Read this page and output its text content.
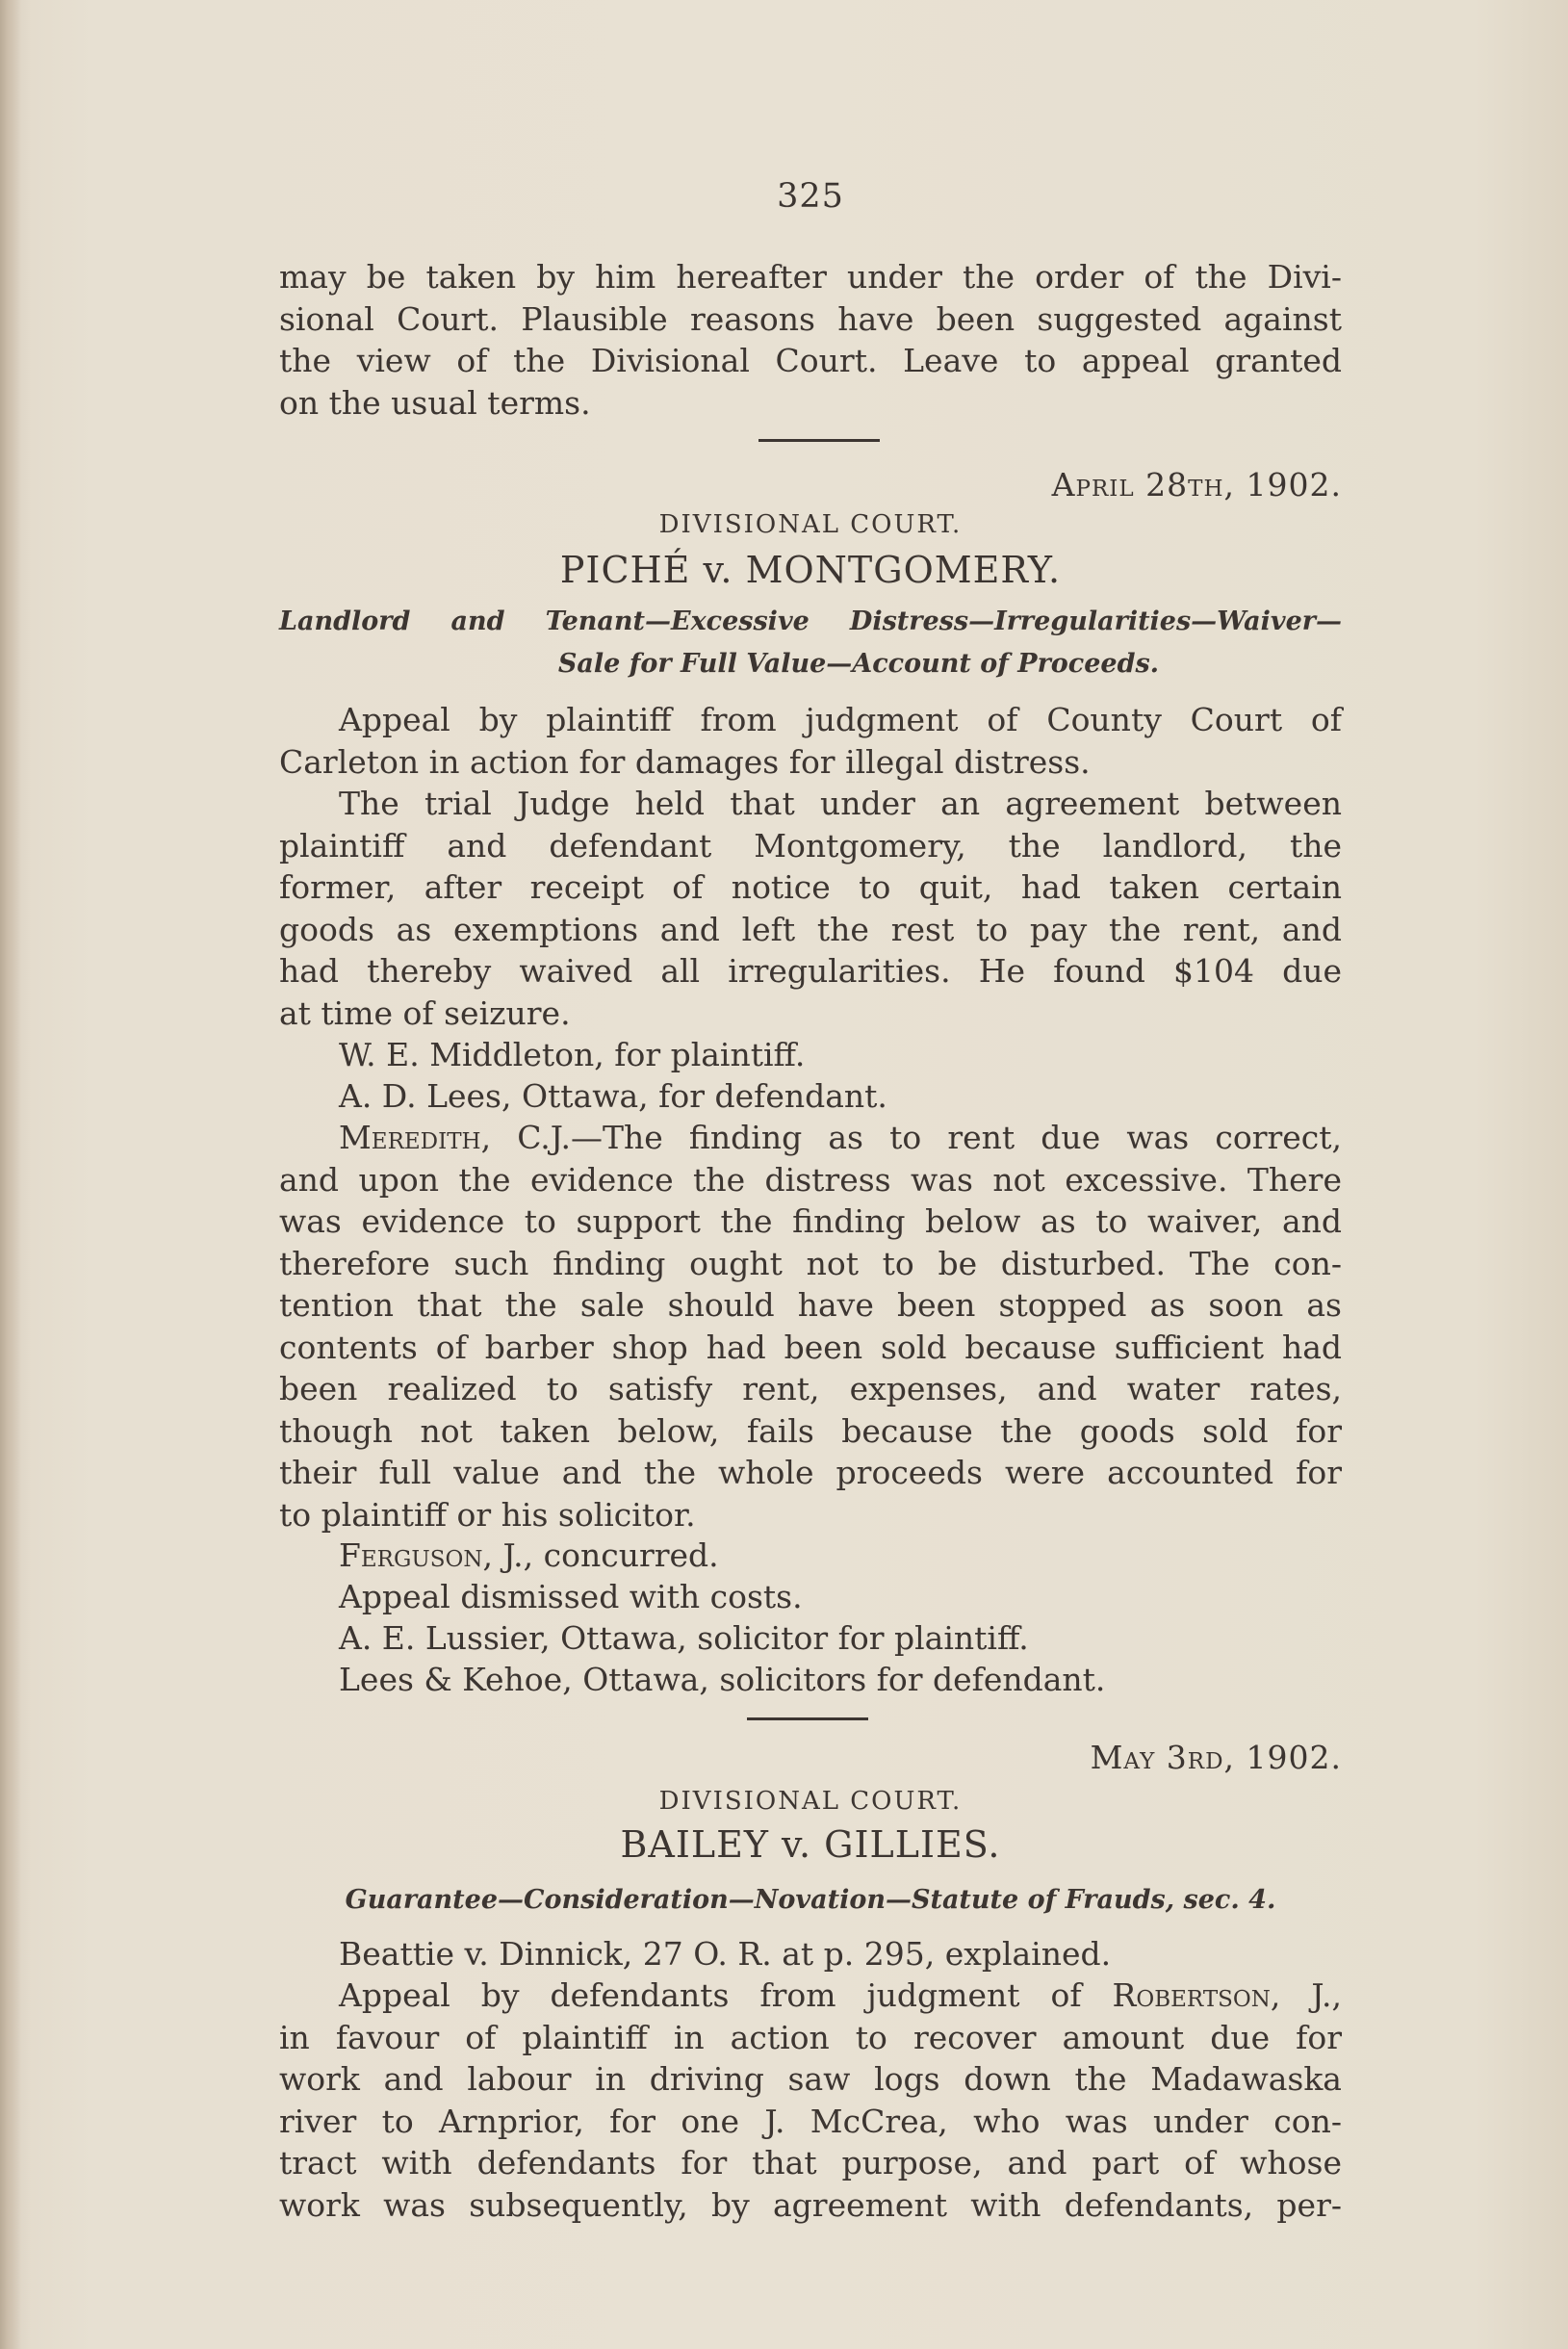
325
may be taken by him hereafter under the order of the Divi-
sional Court. Plausible reasons have been suggested against
the view of the Divisional Court. Leave to appeal granted
on the usual terms.
April 28th, 1902.
DIVISIONAL COURT.
PICHÉ v. MONTGOMERY.
Landlord and Tenant—Excessive Distress—Irregularities—Waiver—
Sale for Full Value—Account of Proceeds.
Appeal by plaintiff from judgment of County Court of
Carleton in action for damages for illegal distress.
The trial Judge held that under an agreement between
plaintiff and defendant Montgomery, the landlord, the
former, after receipt of notice to quit, had taken certain
goods as exemptions and left the rest to pay the rent, and
had thereby waived all irregularities. He found $104 due
at time of seizure.
W. E. Middleton, for plaintiff.
A. D. Lees, Ottawa, for defendant.
Meredith, C.J.—The finding as to rent due was correct,
and upon the evidence the distress was not excessive. There
was evidence to support the finding below as to waiver, and
therefore such finding ought not to be disturbed. The con-
tention that the sale should have been stopped as soon as
contents of barber shop had been sold because sufficient had
been realized to satisfy rent, expenses, and water rates,
though not taken below, fails because the goods sold for
their full value and the whole proceeds were accounted for
to plaintiff or his solicitor.
Ferguson, J., concurred.
Appeal dismissed with costs.
A. E. Lussier, Ottawa, solicitor for plaintiff.
Lees & Kehoe, Ottawa, solicitors for defendant.
May 3rd, 1902.
DIVISIONAL COURT.
BAILEY v. GILLIES.
Guarantee—Consideration—Novation—Statute of Frauds, sec. 4.
Beattie v. Dinnick, 27 O. R. at p. 295, explained.
Appeal by defendants from judgment of Robertson, J.,
in favour of plaintiff in action to recover amount due for
work and labour in driving saw logs down the Madawaska
river to Arnprior, for one J. McCrea, who was under con-
tract with defendants for that purpose, and part of whose
work was subsequently, by agreement with defendants, per-
